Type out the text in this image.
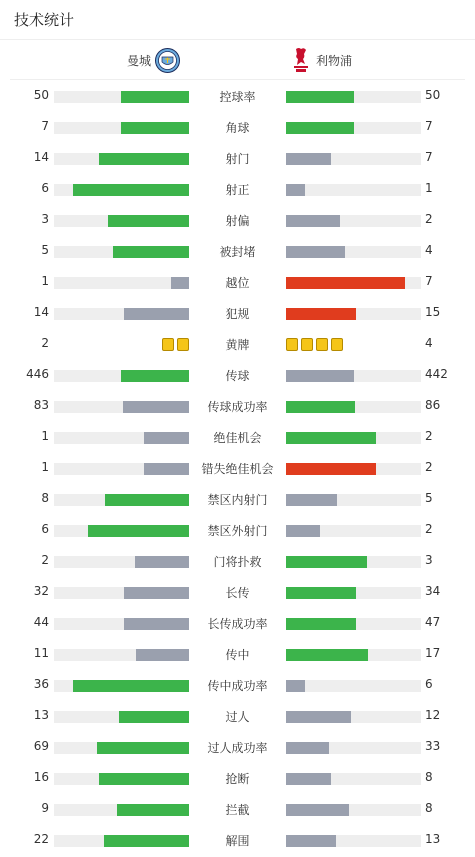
技术统计
曼城	利物浦
50	控球率	50
7	角球	7
14	射门	7
6	射正	1
3	射偏	2
5	被封堵	4
1	越位	7
14	犯规	15
2	黄牌	4
446	传球	442
83	传球成功率	86
1	绝佳机会	2
1	错失绝佳机会	2
8	禁区内射门	5
6	禁区外射门	2
2	门将扑救	3
32	长传	34
44	长传成功率	47
11	传中	17
36	传中成功率	6
13	过人	12
69	过人成功率	33
16	抢断	8
9	拦截	8
22	解围	13
